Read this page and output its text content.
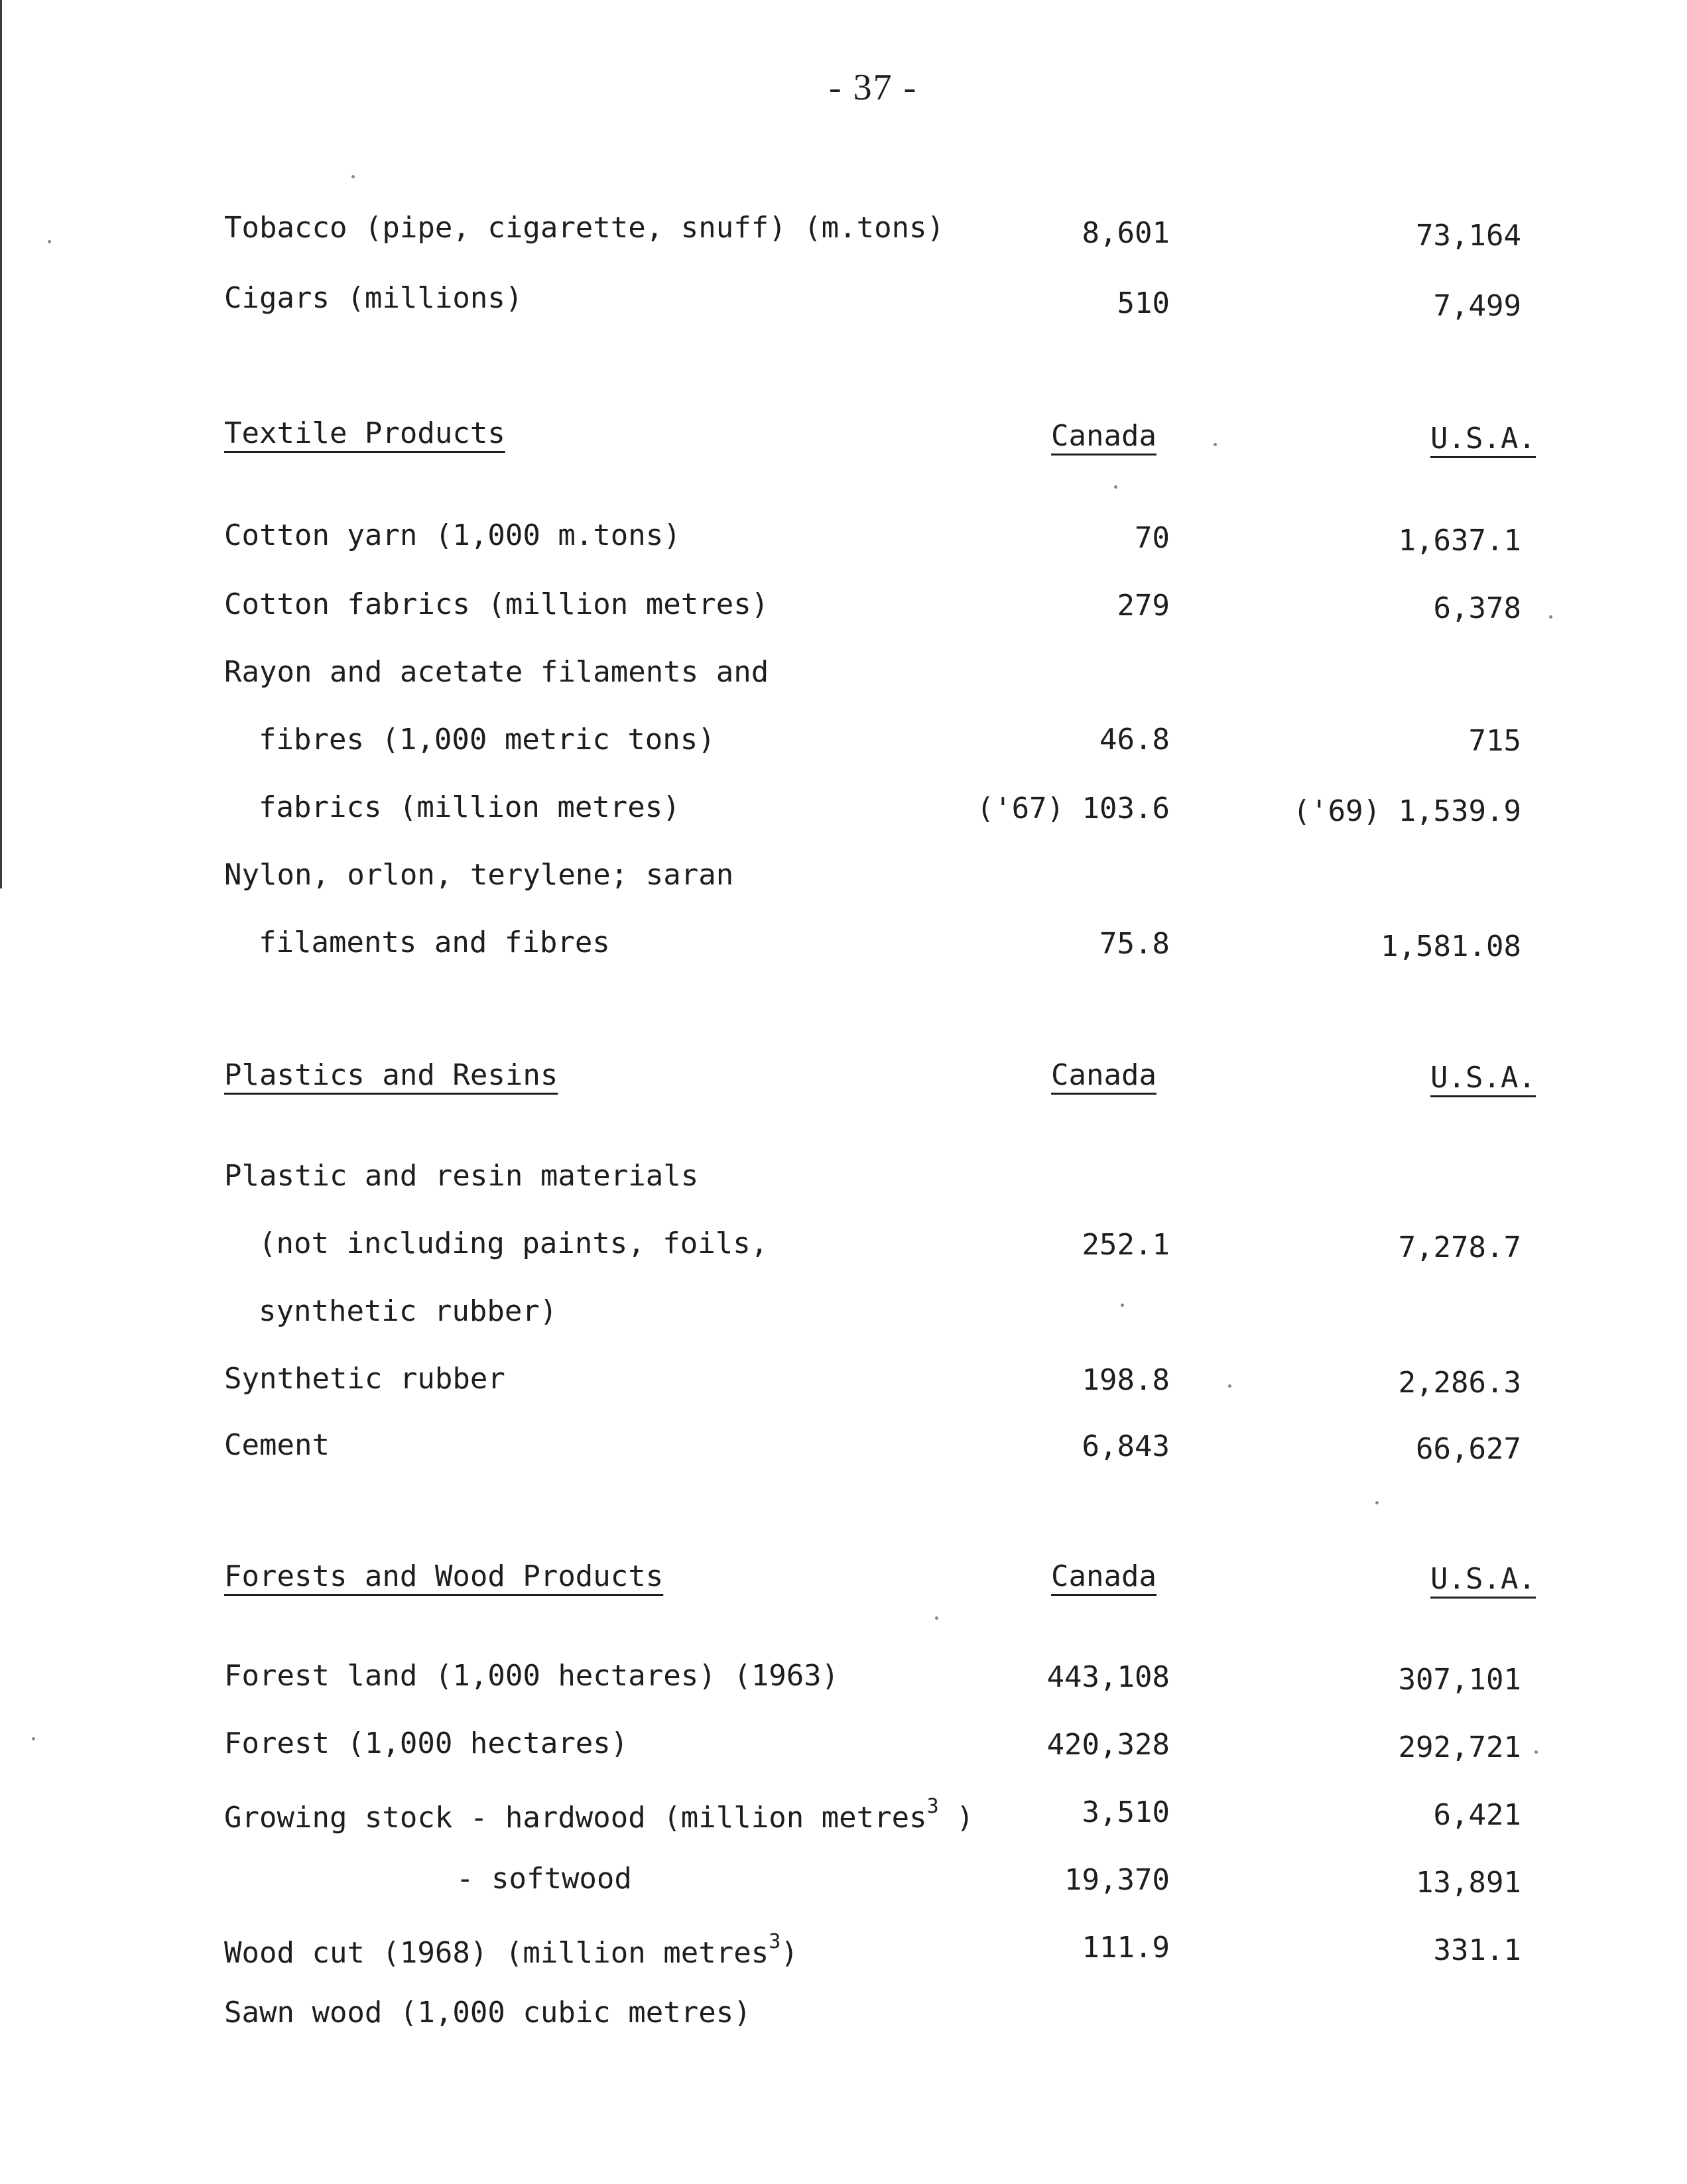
- 37 -
Tobacco (pipe, cigarette, snuff) (m.tons)	8,601	73,164
Cigars (millions)	510	7,499
Textile Products	Canada	U.S.A.
Cotton yarn (1,000 m.tons)	70	1,637.1
Cotton fabrics (million metres)	279	6,378
Rayon and acetate filaments and
fibres (1,000 metric tons)	46.8	715
fabrics (million metres)	('67) 103.6	('69) 1,539.9
Nylon, orlon, terylene; saran
filaments and fibres	75.8	1,581.08
Plastics and Resins	Canada	U.S.A.
Plastic and resin materials
(not including paints, foils,	252.1	7,278.7
synthetic rubber)
Synthetic rubber	198.8	2,286.3
Cement	6,843	66,627
Forests and Wood Products	Canada	U.S.A.
Forest land (1,000 hectares) (1963)	443,108	307,101
Forest (1,000 hectares)	420,328	292,721
Growing stock - hardwood (million metres$^3$ )	3,510	6,421
- softwood	19,370	13,891
Wood cut (1968) (million metres$^3$)	111.9	331.1
Sawn wood (1,000 cubic metres)
